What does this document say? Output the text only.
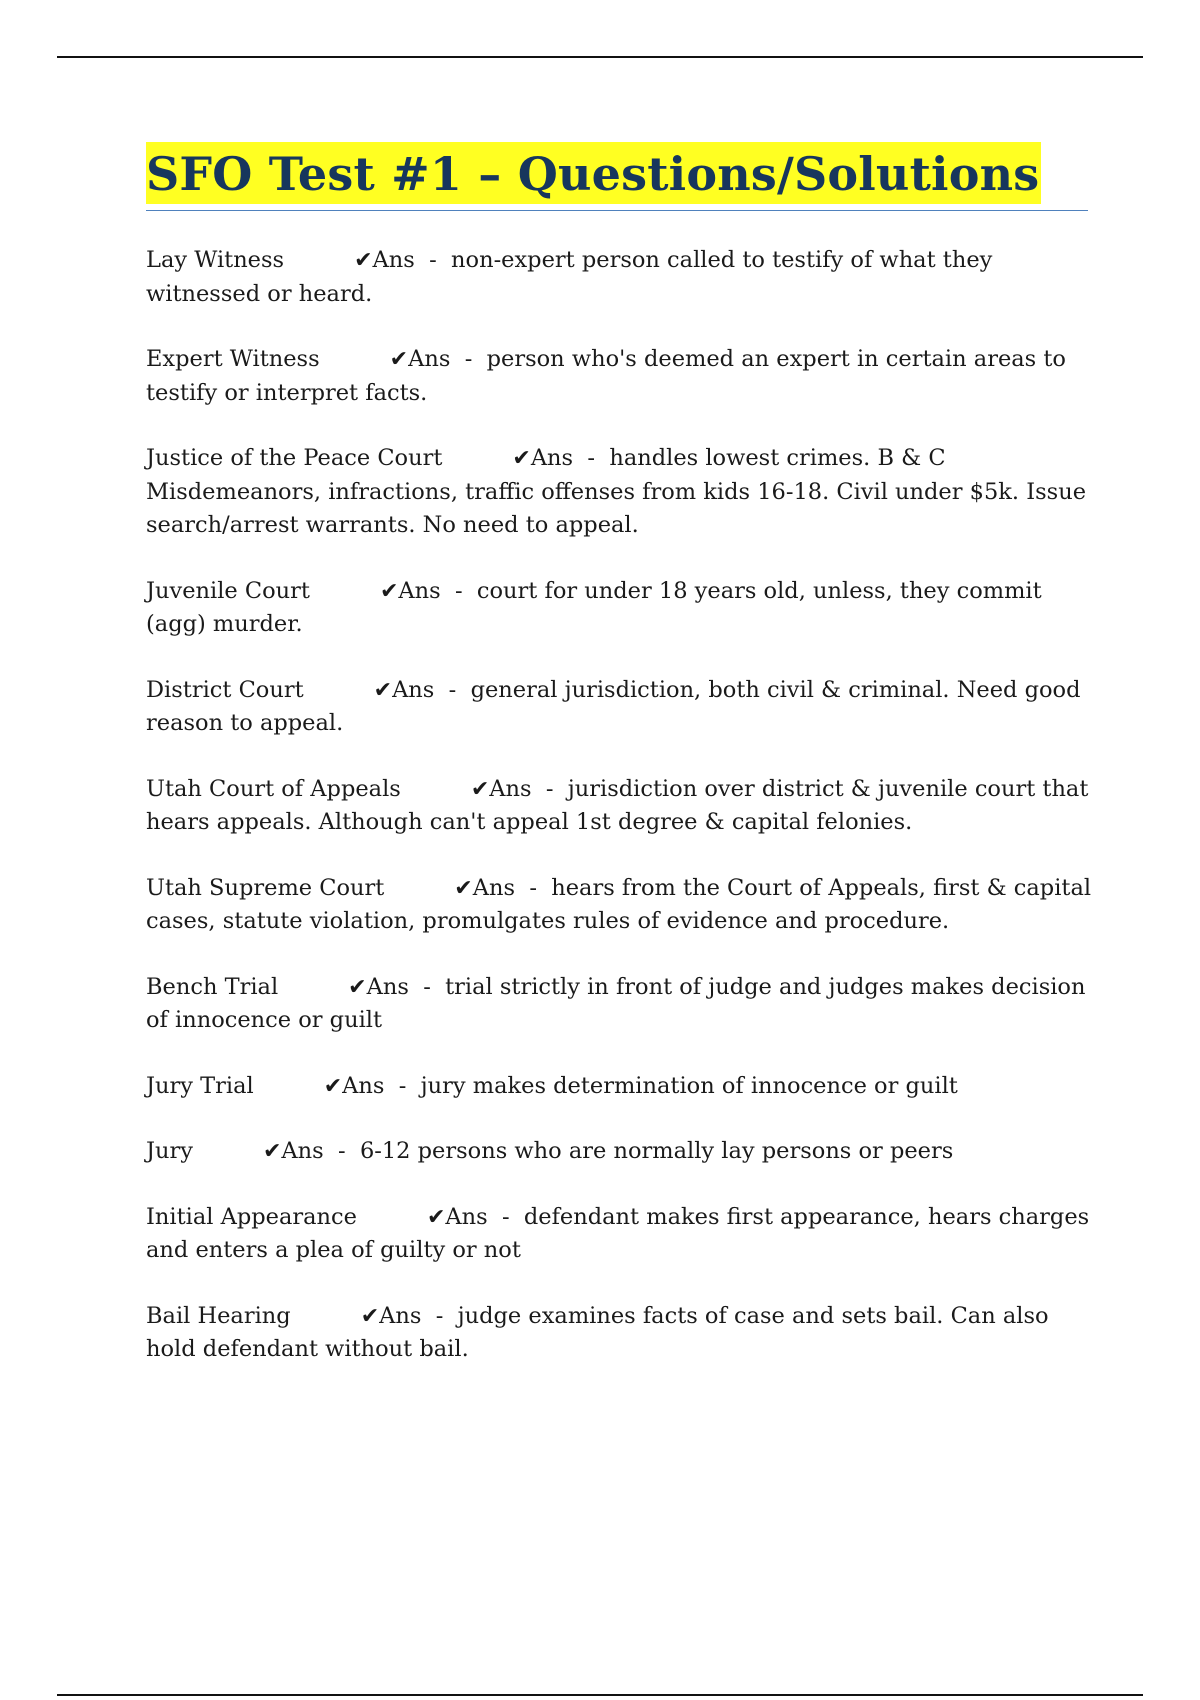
SFO Test #1 – Questions/Solutions
Lay Witness	✔Ans  -  non-expert person called to testify of what they witnessed or heard.
Expert Witness	✔Ans  -  person who's deemed an expert in certain areas to testify or interpret facts.
Justice of the Peace Court	✔Ans  -  handles lowest crimes. B & C Misdemeanors, infractions, traffic offenses from kids 16-18. Civil under $5k. Issue search/arrest warrants. No need to appeal.
Juvenile Court	✔Ans  -  court for under 18 years old, unless, they commit (agg) murder.
District Court	✔Ans  -  general jurisdiction, both civil & criminal. Need good reason to appeal.
Utah Court of Appeals	✔Ans  -  jurisdiction over district & juvenile court that hears appeals. Although can't appeal 1st degree & capital felonies.
Utah Supreme Court	✔Ans  -  hears from the Court of Appeals, first & capital cases, statute violation, promulgates rules of evidence and procedure.
Bench Trial	✔Ans  -  trial strictly in front of judge and judges makes decision of innocence or guilt
Jury Trial	✔Ans  -  jury makes determination of innocence or guilt
Jury	✔Ans  -  6-12 persons who are normally lay persons or peers
Initial Appearance	✔Ans  -  defendant makes first appearance, hears charges and enters a plea of guilty or not
Bail Hearing	✔Ans  -  judge examines facts of case and sets bail. Can also hold defendant without bail.
